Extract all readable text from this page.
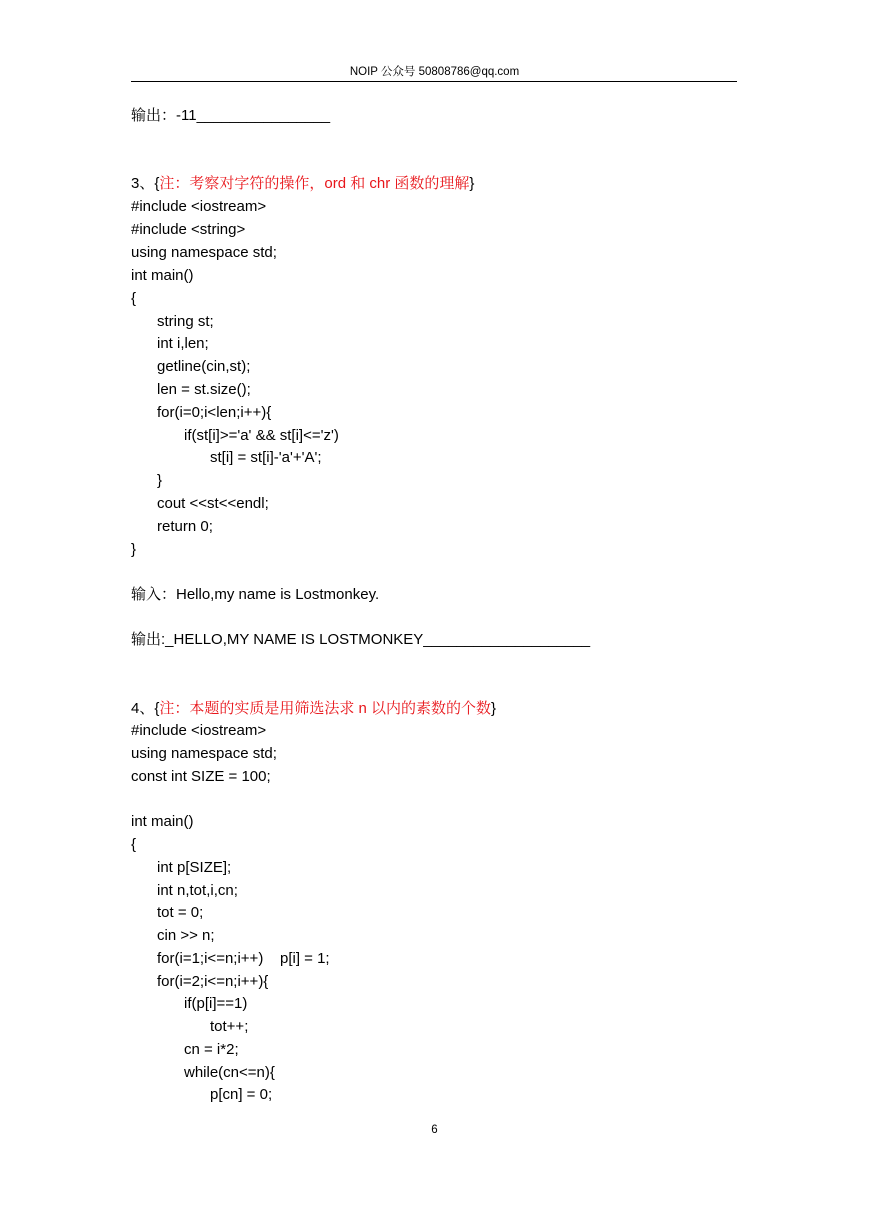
NOIP 公众号 50808786@qq.com
输出：-11________________
3、{注：考察对字符的操作，ord 和 chr 函数的理解}
#include <iostream>
#include <string>
using namespace std;
int main()
{
string st;
int i,len;
getline(cin,st);
len = st.size();
for(i=0;i<len;i++){
if(st[i]>='a' && st[i]<='z')
st[i] = st[i]-'a'+'A';
}
cout <<st<<endl;
return 0;
}
输入：Hello,my name is Lostmonkey.
输出:_HELLO,MY NAME IS LOSTMONKEY____________________
4、{注：本题的实质是用筛选法求 n 以内的素数的个数}
#include <iostream>
using namespace std;
const int SIZE = 100;
int main()
{
int p[SIZE];
int n,tot,i,cn;
tot = 0;
cin >> n;
for(i=1;i<=n;i++)    p[i] = 1;
for(i=2;i<=n;i++){
if(p[i]==1)
tot++;
cn = i*2;
while(cn<=n){
p[cn] = 0;
6
